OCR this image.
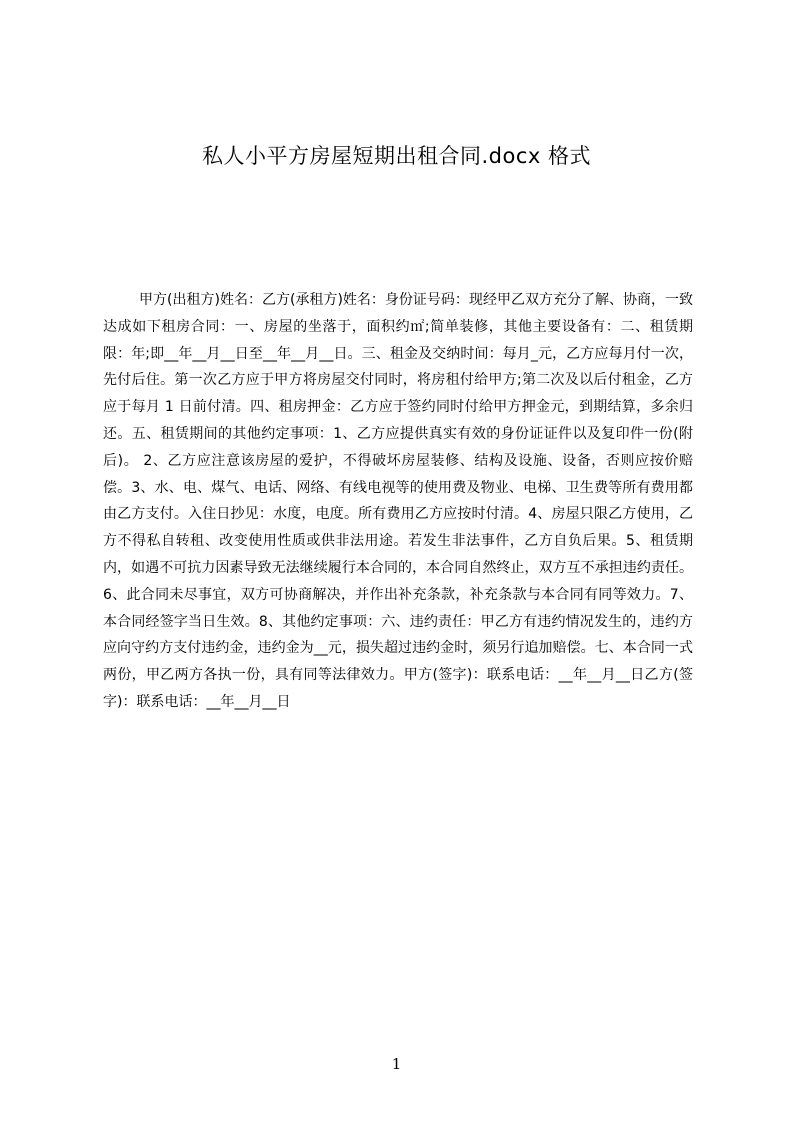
私人小平方房屋短期出租合同.docx 格式

甲方(出租方)姓名：乙方(承租方)姓名：身份证号码：现经甲乙双方充分了解、协商，一致达成如下租房合同：一、房屋的坐落于，面积约㎡;简单装修，其他主要设备有：二、租赁期限：年;即__年__月__日至__年__月__日。三、租金及交纳时间：每月_元，乙方应每月付一次，先付后住。第一次乙方应于甲方将房屋交付同时，将房租付给甲方;第二次及以后付租金，乙方应于每月 1 日前付清。四、租房押金：乙方应于签约同时付给甲方押金元，到期结算，多余归还。五、租赁期间的其他约定事项：1、乙方应提供真实有效的身份证证件以及复印件一份(附后)。 2、乙方应注意该房屋的爱护，不得破坏房屋装修、结构及设施、设备，否则应按价赔偿。3、水、电、煤气、电话、网络、有线电视等的使用费及物业、电梯、卫生费等所有费用都由乙方支付。入住日抄见：水度，电度。所有费用乙方应按时付清。4、房屋只限乙方使用，乙方不得私自转租、改变使用性质或供非法用途。若发生非法事件，乙方自负后果。5、租赁期内，如遇不可抗力因素导致无法继续履行本合同的，本合同自然终止，双方互不承担违约责任。6、此合同未尽事宜，双方可协商解决，并作出补充条款，补充条款与本合同有同等效力。7、本合同经签字当日生效。8、其他约定事项：六、违约责任：甲乙方有违约情况发生的，违约方应向守约方支付违约金，违约金为__元，损失超过违约金时，须另行追加赔偿。七、本合同一式两份，甲乙两方各执一份，具有同等法律效力。甲方(签字)：联系电话：__年__月__日乙方(签字)：联系电话：__年__月__日

1
